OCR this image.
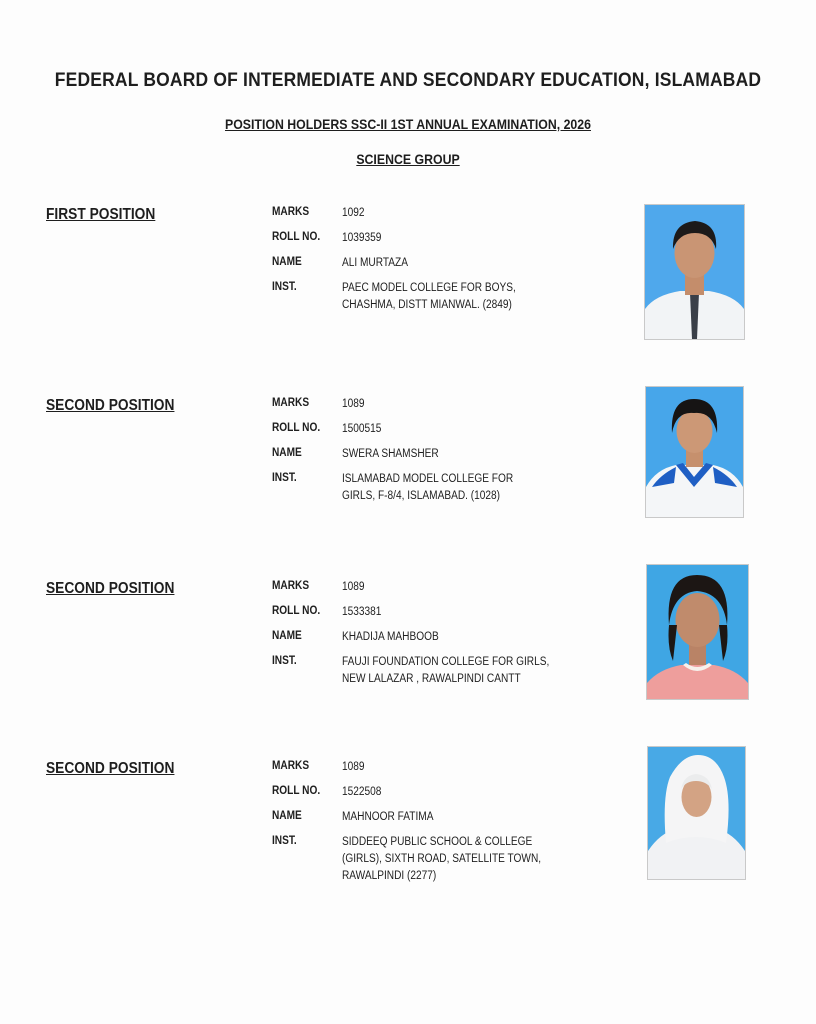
FEDERAL BOARD OF INTERMEDIATE AND SECONDARY EDUCATION, ISLAMABAD
POSITION HOLDERS SSC-II 1ST ANNUAL EXAMINATION, 2026
SCIENCE GROUP
FIRST POSITION	MARKS	1092
ROLL NO. 1039359
NAME	ALI MURTAZA
INST.	PAEC MODEL COLLEGE FOR BOYS,
CHASHMA, DISTT MIANWAL. (2849)
SECOND POSITION	MARKS	1089
ROLL NO. 1500515
NAME	SWERA SHAMSHER
INST.	ISLAMABAD MODEL COLLEGE FOR
GIRLS, F-8/4, ISLAMABAD. (1028)
SECOND POSITION	MARKS	1089
ROLL NO. 1533381
NAME	KHADIJA MAHBOOB
INST.	FAUJI FOUNDATION COLLEGE FOR GIRLS,
NEW LALAZAR , RAWALPINDI CANTT
SECOND POSITION	MARKS	1089
ROLL NO. 1522508
NAME	MAHNOOR FATIMA
INST.	SIDDEEQ PUBLIC SCHOOL & COLLEGE
(GIRLS), SIXTH ROAD, SATELLITE TOWN,
RAWALPINDI (2277)
